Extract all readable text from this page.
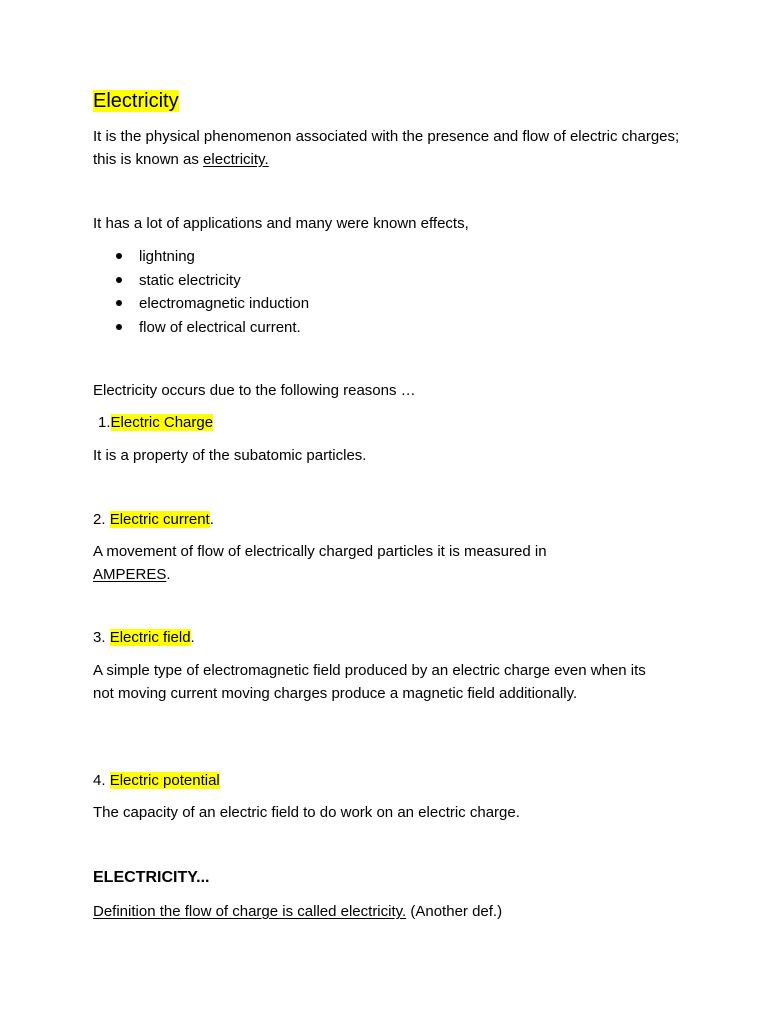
Electricity
It is the physical phenomenon associated with the presence and flow of electric charges; this is known as electricity.
It has a lot of applications and many were known effects,
lightning
static electricity
electromagnetic induction
flow of electrical current.
Electricity occurs due to the following reasons …
1.Electric Charge
It is a property of the subatomic particles.
2. Electric current.
A movement of flow of electrically charged particles it is measured in AMPERES.
3. Electric field.
A simple type of electromagnetic field produced by an electric charge even when its not moving current moving charges produce a magnetic field additionally.
4. Electric potential
The capacity of an electric field to do work on an electric charge.
ELECTRICITY...
Definition the flow of charge is called electricity. (Another def.)
